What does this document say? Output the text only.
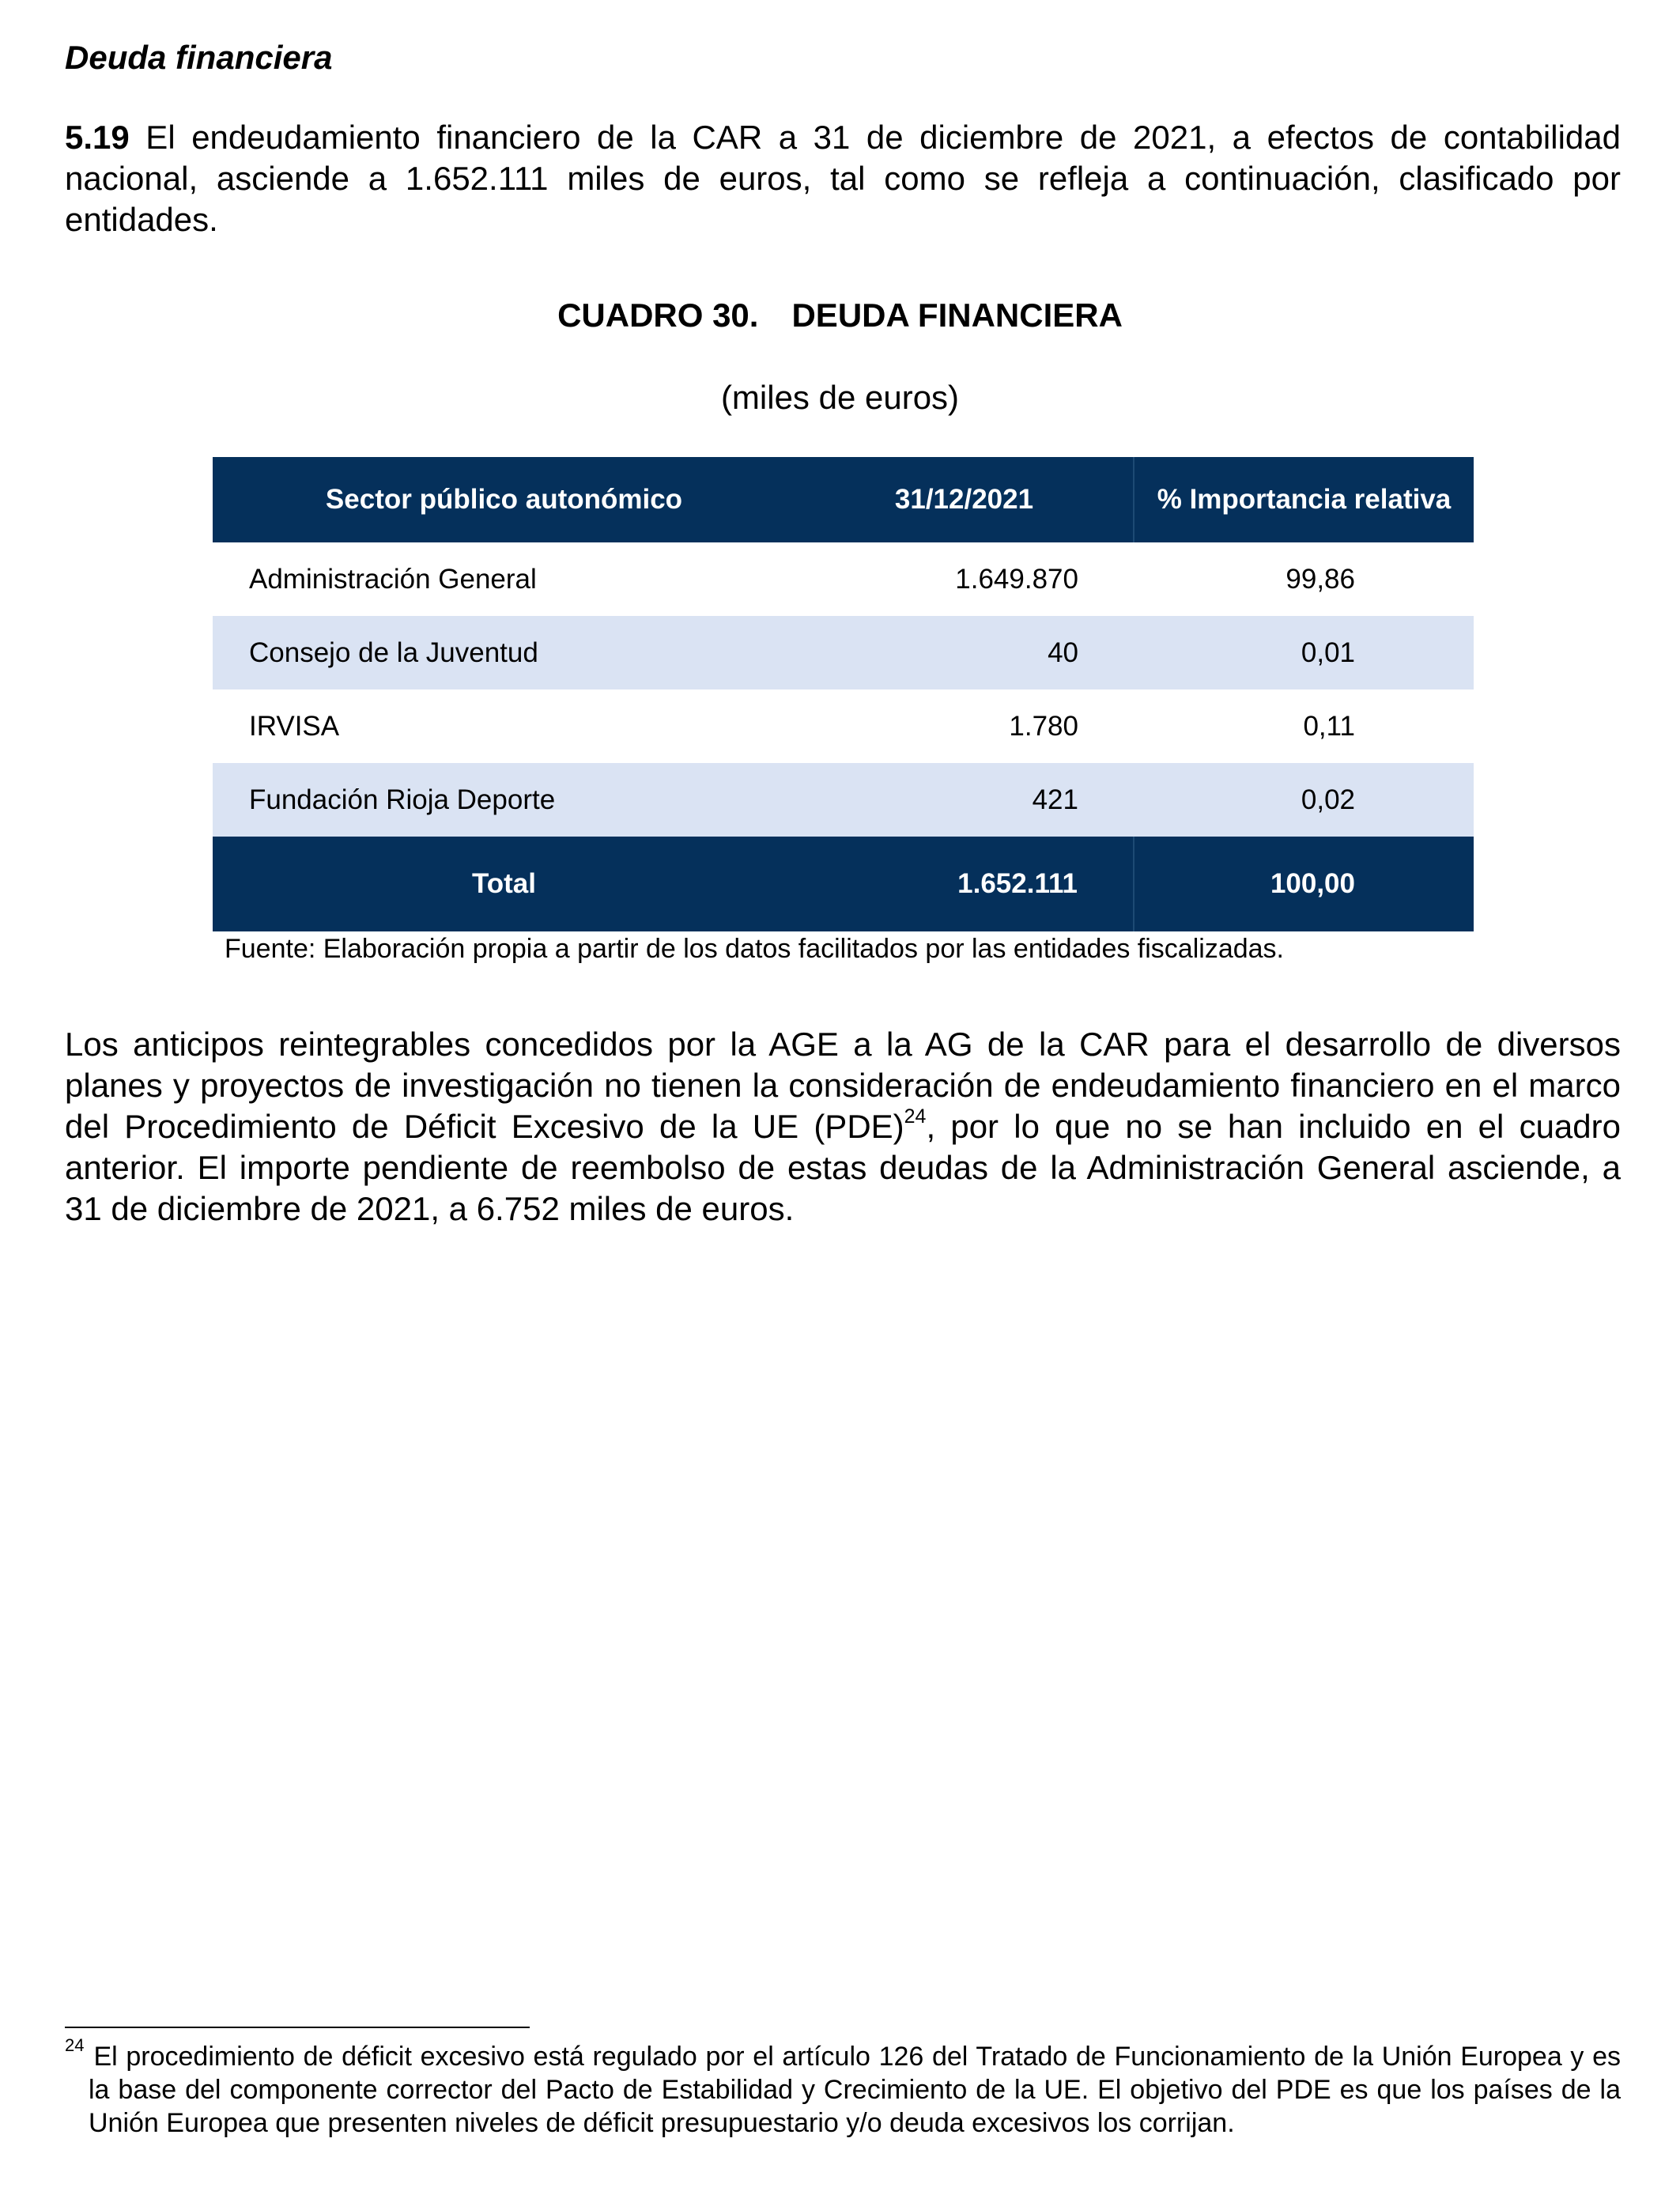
Deuda financiera

5.19 El endeudamiento financiero de la CAR a 31 de diciembre de 2021, a efectos de contabilidad nacional, asciende a 1.652.111 miles de euros, tal como se refleja a continuación, clasificado por entidades.

CUADRO 30. DEUDA FINANCIERA

(miles de euros)

Sector público autonómico	31/12/2021	% Importancia relativa
Administración General	1.649.870	99,86
Consejo de la Juventud	40	0,01
IRVISA	1.780	0,11
Fundación Rioja Deporte	421	0,02
Total	1.652.111	100,00

Fuente: Elaboración propia a partir de los datos facilitados por las entidades fiscalizadas.

Los anticipos reintegrables concedidos por la AGE a la AG de la CAR para el desarrollo de diversos planes y proyectos de investigación no tienen la consideración de endeudamiento financiero en el marco del Procedimiento de Déficit Excesivo de la UE (PDE)$^{24}$, por lo que no se han incluido en el cuadro anterior. El importe pendiente de reembolso de estas deudas de la Administración General asciende, a 31 de diciembre de 2021, a 6.752 miles de euros.

$^{24}$ El procedimiento de déficit excesivo está regulado por el artículo 126 del Tratado de Funcionamiento de la Unión Europea y es la base del componente corrector del Pacto de Estabilidad y Crecimiento de la UE. El objetivo del PDE es que los países de la Unión Europea que presenten niveles de déficit presupuestario y/o deuda excesivos los corrijan.
